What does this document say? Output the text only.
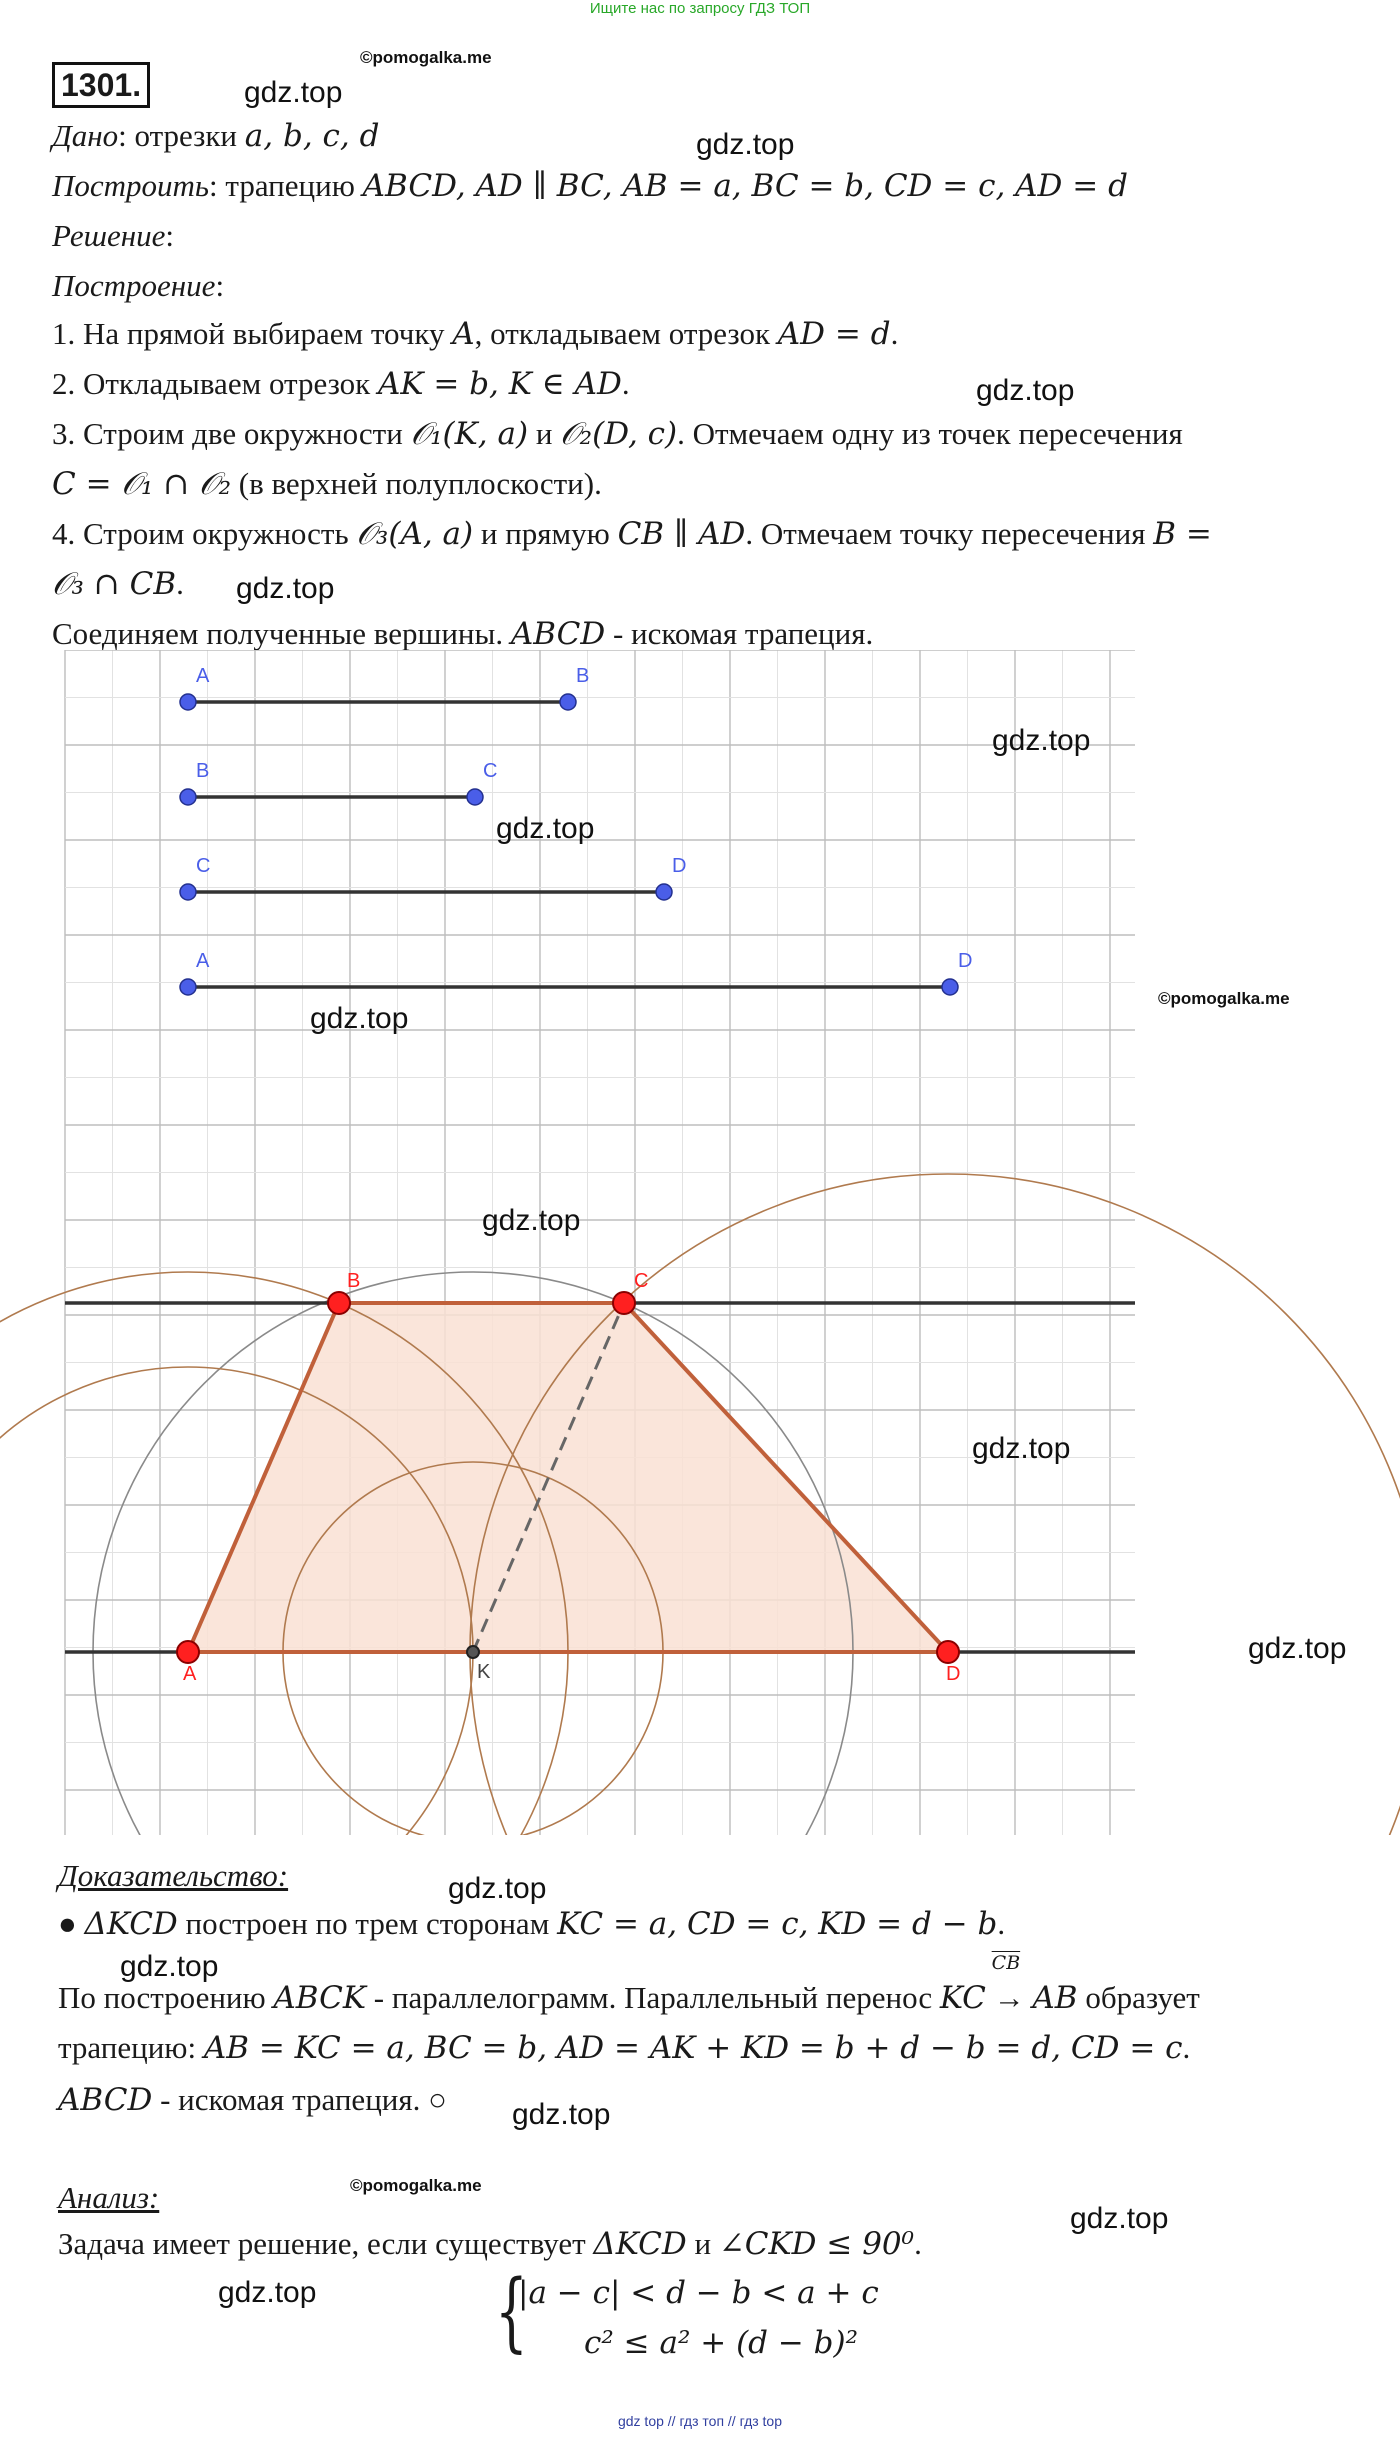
Ищите нас по запросу ГДЗ ТОП
1301.
©pomogalka.me
gdz.top
Дано: отрезки a, b, c, d	gdz.top
Построить: трапецию ABCD, AD ∥ BC, AB = a, BC = b, CD = c, AD = d
Решение:
Построение:
1. На прямой выбираем точку A, откладываем отрезок AD = d.
2. Откладываем отрезок AK = b, K ∈ AD.	gdz.top
3. Строим две окружности 𝒪₁(K, a) и 𝒪₂(D, c). Отмечаем одну из точек пересечения
C = 𝒪₁ ∩ 𝒪₂ (в верхней полуплоскости).
4. Строим окружность 𝒪₃(A, a) и прямую CB ∥ AD. Отмечаем точку пересечения B =
𝒪₃ ∩ CB. gdz.top
Соединяем полученные вершины. ABCD - искомая трапеция.
A	B
B	C
C	D
A	D
A
B	C
D
K
gdz.top
gdz.top
©pomogalka.me
gdz.top
gdz.top
gdz.top
gdz.top
Доказательство:	gdz.top
● ΔKCD построен по трем сторонам KC = a, CD = c, KD = d − b.
gdz.top
По построению ABCK - параллелограмм. Параллельный перенос KC
$\overline{CB}$
→ AB образует
трапецию: AB = KC = a, BC = b, AD = AK + KD = b + d − b = d, CD = c.
ABCD - искомая трапеция. ○ gdz.top
Анализ:	©pomogalka.me
gdz.top
Задача имеет решение, если существует ΔKCD и ∠CKD ≤ 90⁰.
gdz.top {
|a − c| < d − b < a + c
c² ≤ a² + (d − b)²
gdz top // гдз топ // гдз top
